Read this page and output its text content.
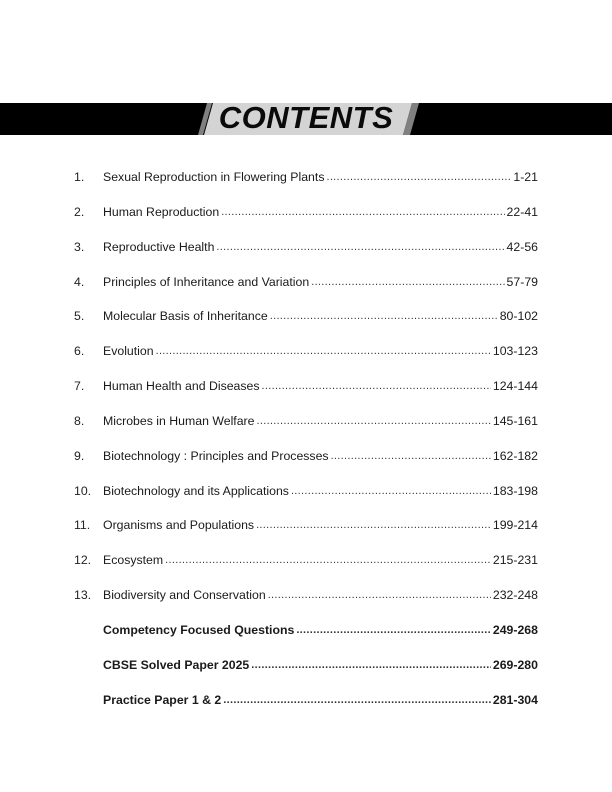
CONTENTS
1.	Sexual Reproduction in Flowering Plants .....	1-21
2.	Human Reproduction .....	22-41
3.	Reproductive Health .....	42-56
4.	Principles of Inheritance and Variation .....	57-79
5.	Molecular Basis of Inheritance .....	80-102
6.	Evolution .....	103-123
7.	Human Health and Diseases .....	124-144
8.	Microbes in Human Welfare .....	145-161
9.	Biotechnology : Principles and Processes .....	162-182
10. Biotechnology and its Applications .....	183-198
11.	Organisms and Populations .....	199-214
12. Ecosystem .....	215-231
13. Biodiversity and Conservation .....	232-248
Competency Focused Questions .....	249-268
CBSE Solved Paper 2025 .....	269-280
Practice Paper 1 & 2 .....	281-304
